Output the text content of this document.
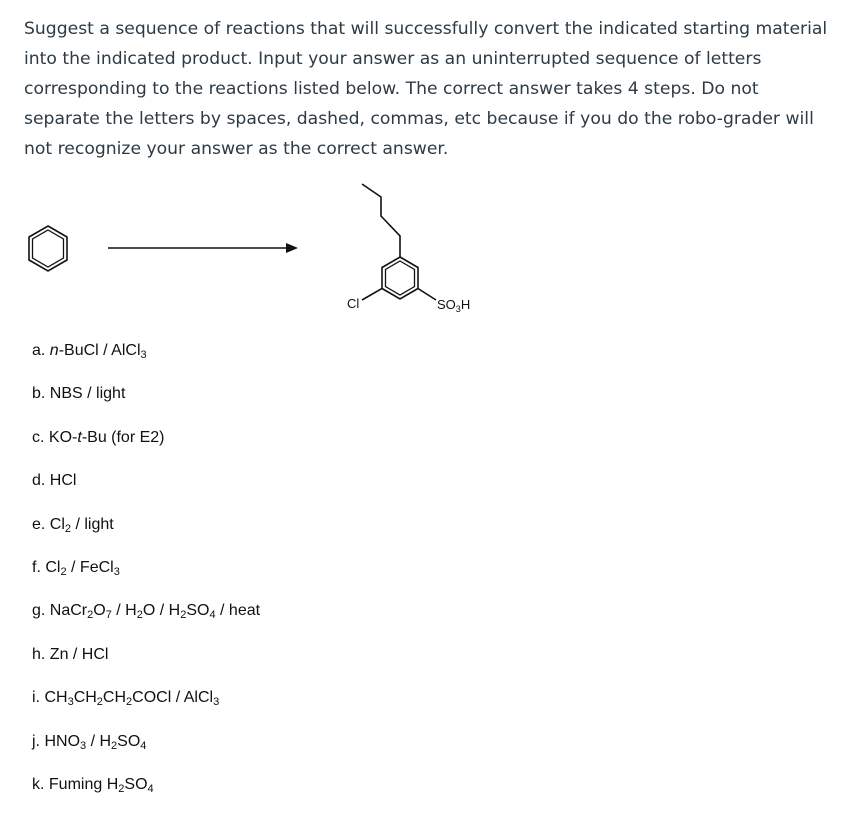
Suggest a sequence of reactions that will successfully convert the indicated starting material into the indicated product. Input your answer as an uninterrupted sequence of letters corresponding to the reactions listed below. The correct answer takes 4 steps. Do not separate the letters by spaces, dashed, commas, etc because if you do the robo-grader will not recognize your answer as the correct answer.

Cl	$SO_3H$
a. n-BuCl / AlCl$_3$
b. NBS / light
c. KO-t-Bu (for E2)
d. HCl
e. $Cl_2$ / light
f. $Cl_2$ / FeCl$_3$
g. $NaCr_2O_7 / H_2O / H_2SO_4$ / heat
h. Zn / HCl
i. $CH_3CH_2CH_2COCl$ / AlCl$_3$
j. $HNO_3 / H_2SO_4$
k. Fuming $H_2SO_4$
